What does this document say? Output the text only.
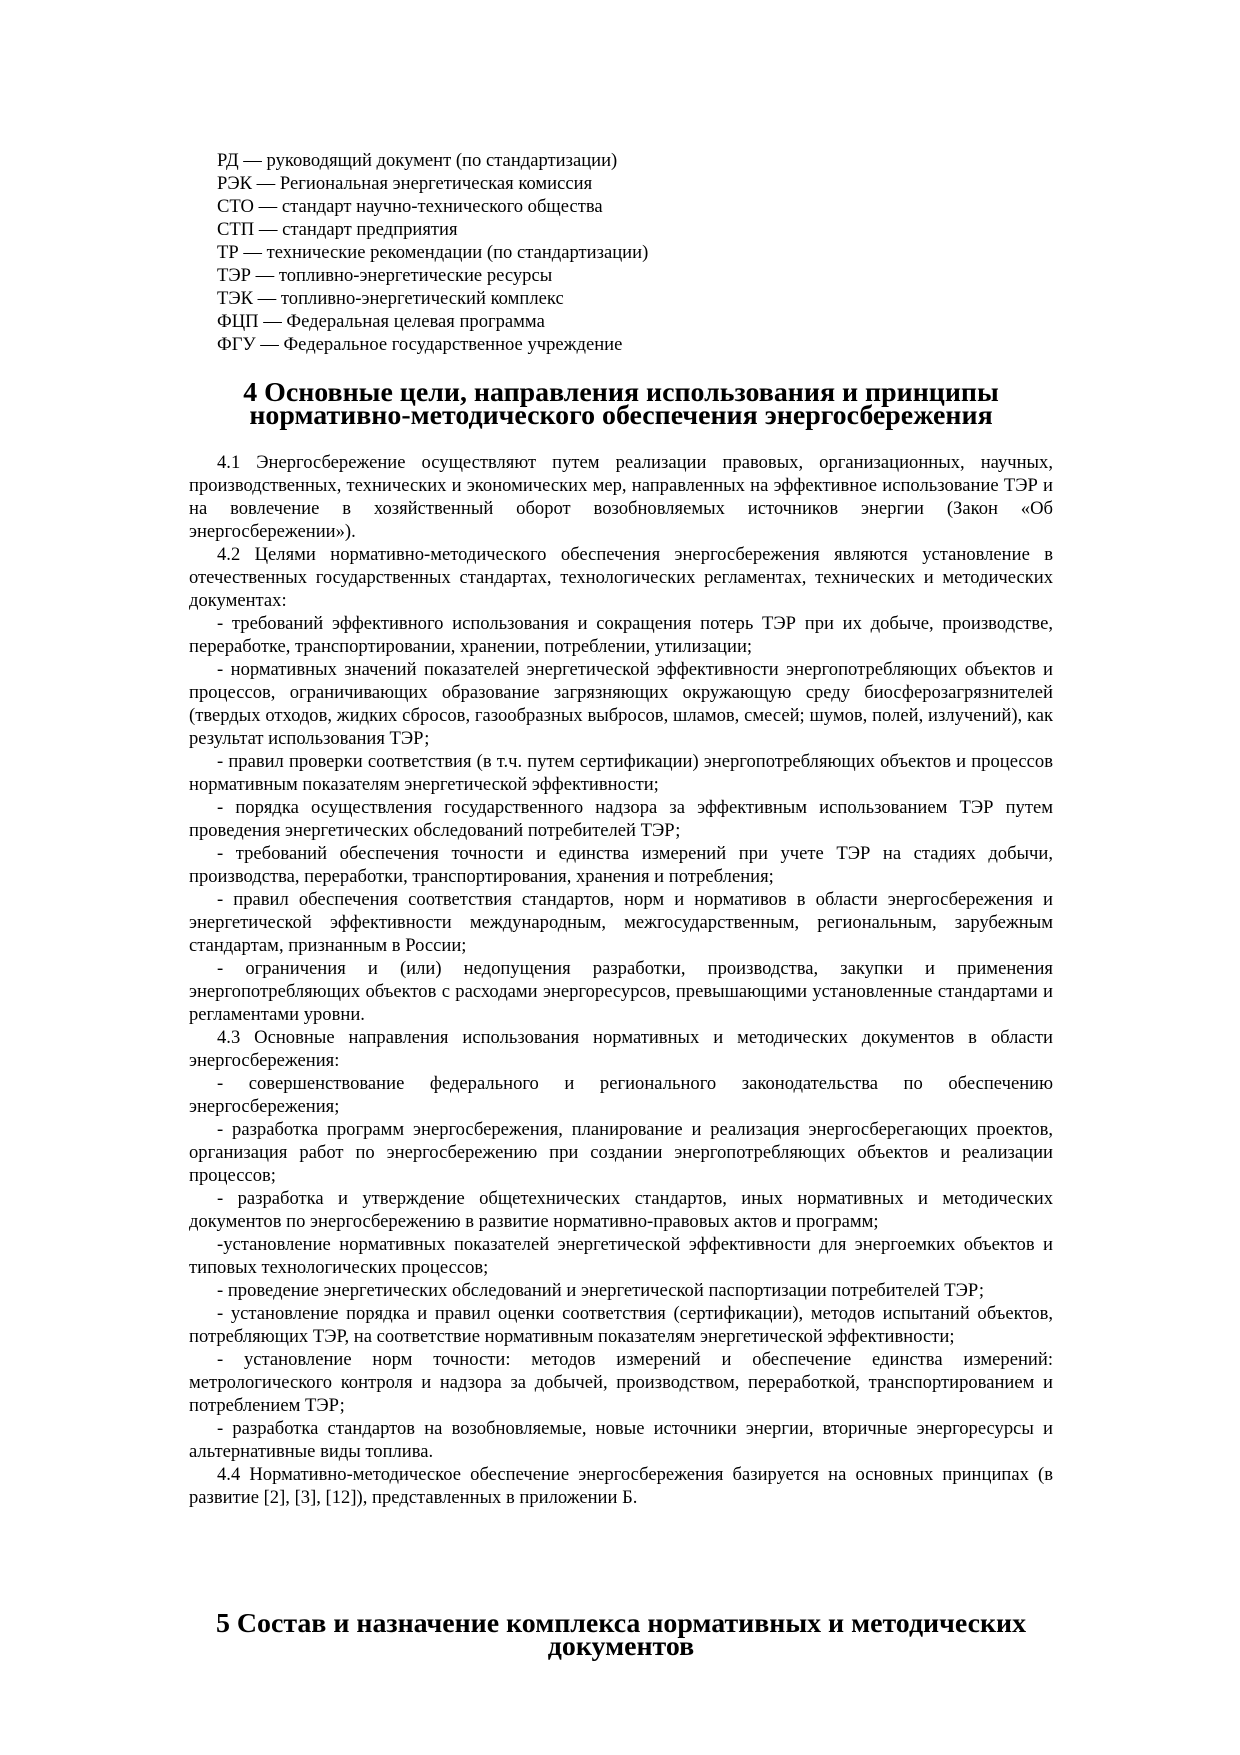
РД — руководящий документ (по стандартизации)
РЭК — Региональная энергетическая комиссия
СТО — стандарт научно-технического общества
СТП — стандарт предприятия
ТР — технические рекомендации (по стандартизации)
ТЭР — топливно-энергетические ресурсы
ТЭК — топливно-энергетический комплекс
ФЦП — Федеральная целевая программа
ФГУ — Федеральное государственное учреждение
4 Основные цели, направления использования и принципы
нормативно-методического обеспечения энергосбережения

4.1 Энергосбережение осуществляют путем реализации правовых, организационных, научных, производственных, технических и экономических мер, направленных на эффективное использование ТЭР и на вовлечение в хозяйственный оборот возобновляемых источников энергии (Закон «Об энергосбережении»).

4.2 Целями нормативно-методического обеспечения энергосбережения являются установление в отечественных государственных стандартах, технологических регламентах, технических и методических документах:

- требований эффективного использования и сокращения потерь ТЭР при их добыче, производстве, переработке, транспортировании, хранении, потреблении, утилизации;

- нормативных значений показателей энергетической эффективности энергопотребляющих объектов и процессов, ограничивающих образование загрязняющих окружающую среду биосферозагрязнителей (твердых отходов, жидких сбросов, газообразных выбросов, шламов, смесей; шумов, полей, излучений), как результат использования ТЭР;

- правил проверки соответствия (в т.ч. путем сертификации) энергопотребляющих объектов и процессов нормативным показателям энергетической эффективности;

- порядка осуществления государственного надзора за эффективным использованием ТЭР путем проведения энергетических обследований потребителей ТЭР;

- требований обеспечения точности и единства измерений при учете ТЭР на стадиях добычи, производства, переработки, транспортирования, хранения и потребления;

- правил обеспечения соответствия стандартов, норм и нормативов в области энергосбережения и энергетической эффективности международным, межгосударственным, региональным, зарубежным стандартам, признанным в России;

- ограничения и (или) недопущения разработки, производства, закупки и применения энергопотребляющих объектов с расходами энергоресурсов, превышающими установленные стандартами и регламентами уровни.

4.3 Основные направления использования нормативных и методических документов в области энергосбережения:

- совершенствование федерального и регионального законодательства по обеспечению энергосбережения;

- разработка программ энергосбережения, планирование и реализация энергосберегающих проектов, организация работ по энергосбережению при создании энергопотребляющих объектов и реализации процессов;

- разработка и утверждение общетехнических стандартов, иных нормативных и методических документов по энергосбережению в развитие нормативно-правовых актов и программ;

-установление нормативных показателей энергетической эффективности для энергоемких объектов и типовых технологических процессов;

- проведение энергетических обследований и энергетической паспортизации потребителей ТЭР;

- установление порядка и правил оценки соответствия (сертификации), методов испытаний объектов, потребляющих ТЭР, на соответствие нормативным показателям энергетической эффективности;

- установление норм точности: методов измерений и обеспечение единства измерений: метрологического контроля и надзора за добычей, производством, переработкой, транспортированием и потреблением ТЭР;

- разработка стандартов на возобновляемые, новые источники энергии, вторичные энергоресурсы и альтернативные виды топлива.

4.4 Нормативно-методическое обеспечение энергосбережения базируется на основных принципах (в развитие [2], [3], [12]), представленных в приложении Б.

5 Состав и назначение комплекса нормативных и методических документов
